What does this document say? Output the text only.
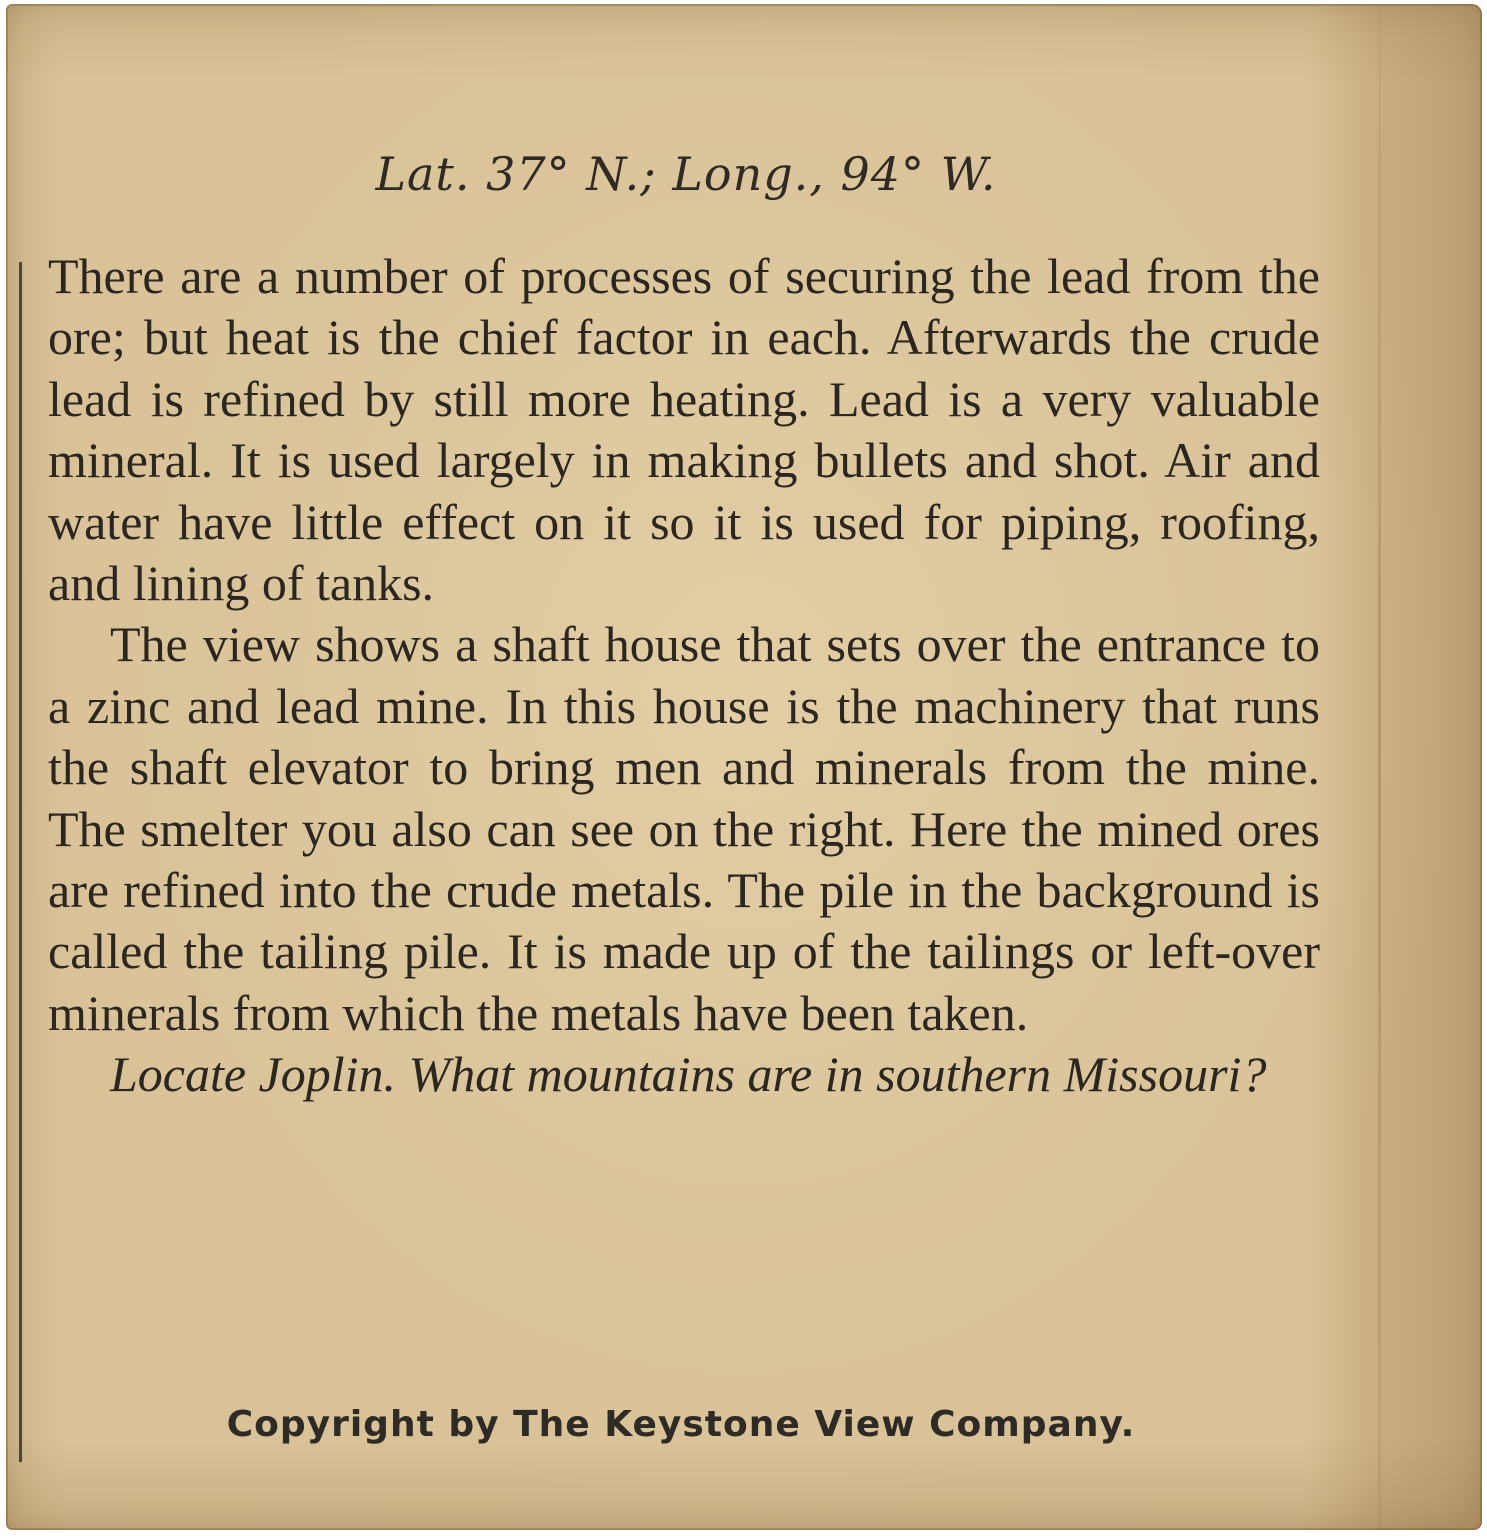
Lat. 37° N.; Long., 94° W.

There are a number of processes of securing the lead from the ore; but heat is the chief factor in each. Afterwards the crude lead is refined by still more heating. Lead is a very valuable mineral. It is used largely in making bullets and shot. Air and water have little effect on it so it is used for piping, roofing, and lining of tanks.

The view shows a shaft house that sets over the entrance to a zinc and lead mine. In this house is the machinery that runs the shaft elevator to bring men and minerals from the mine. The smelter you also can see on the right. Here the mined ores are refined into the crude metals. The pile in the background is called the tailing pile. It is made up of the tailings or left-over minerals from which the metals have been taken.

Locate Joplin. What mountains are in southern Missouri?

Copyright by The Keystone View Company.
